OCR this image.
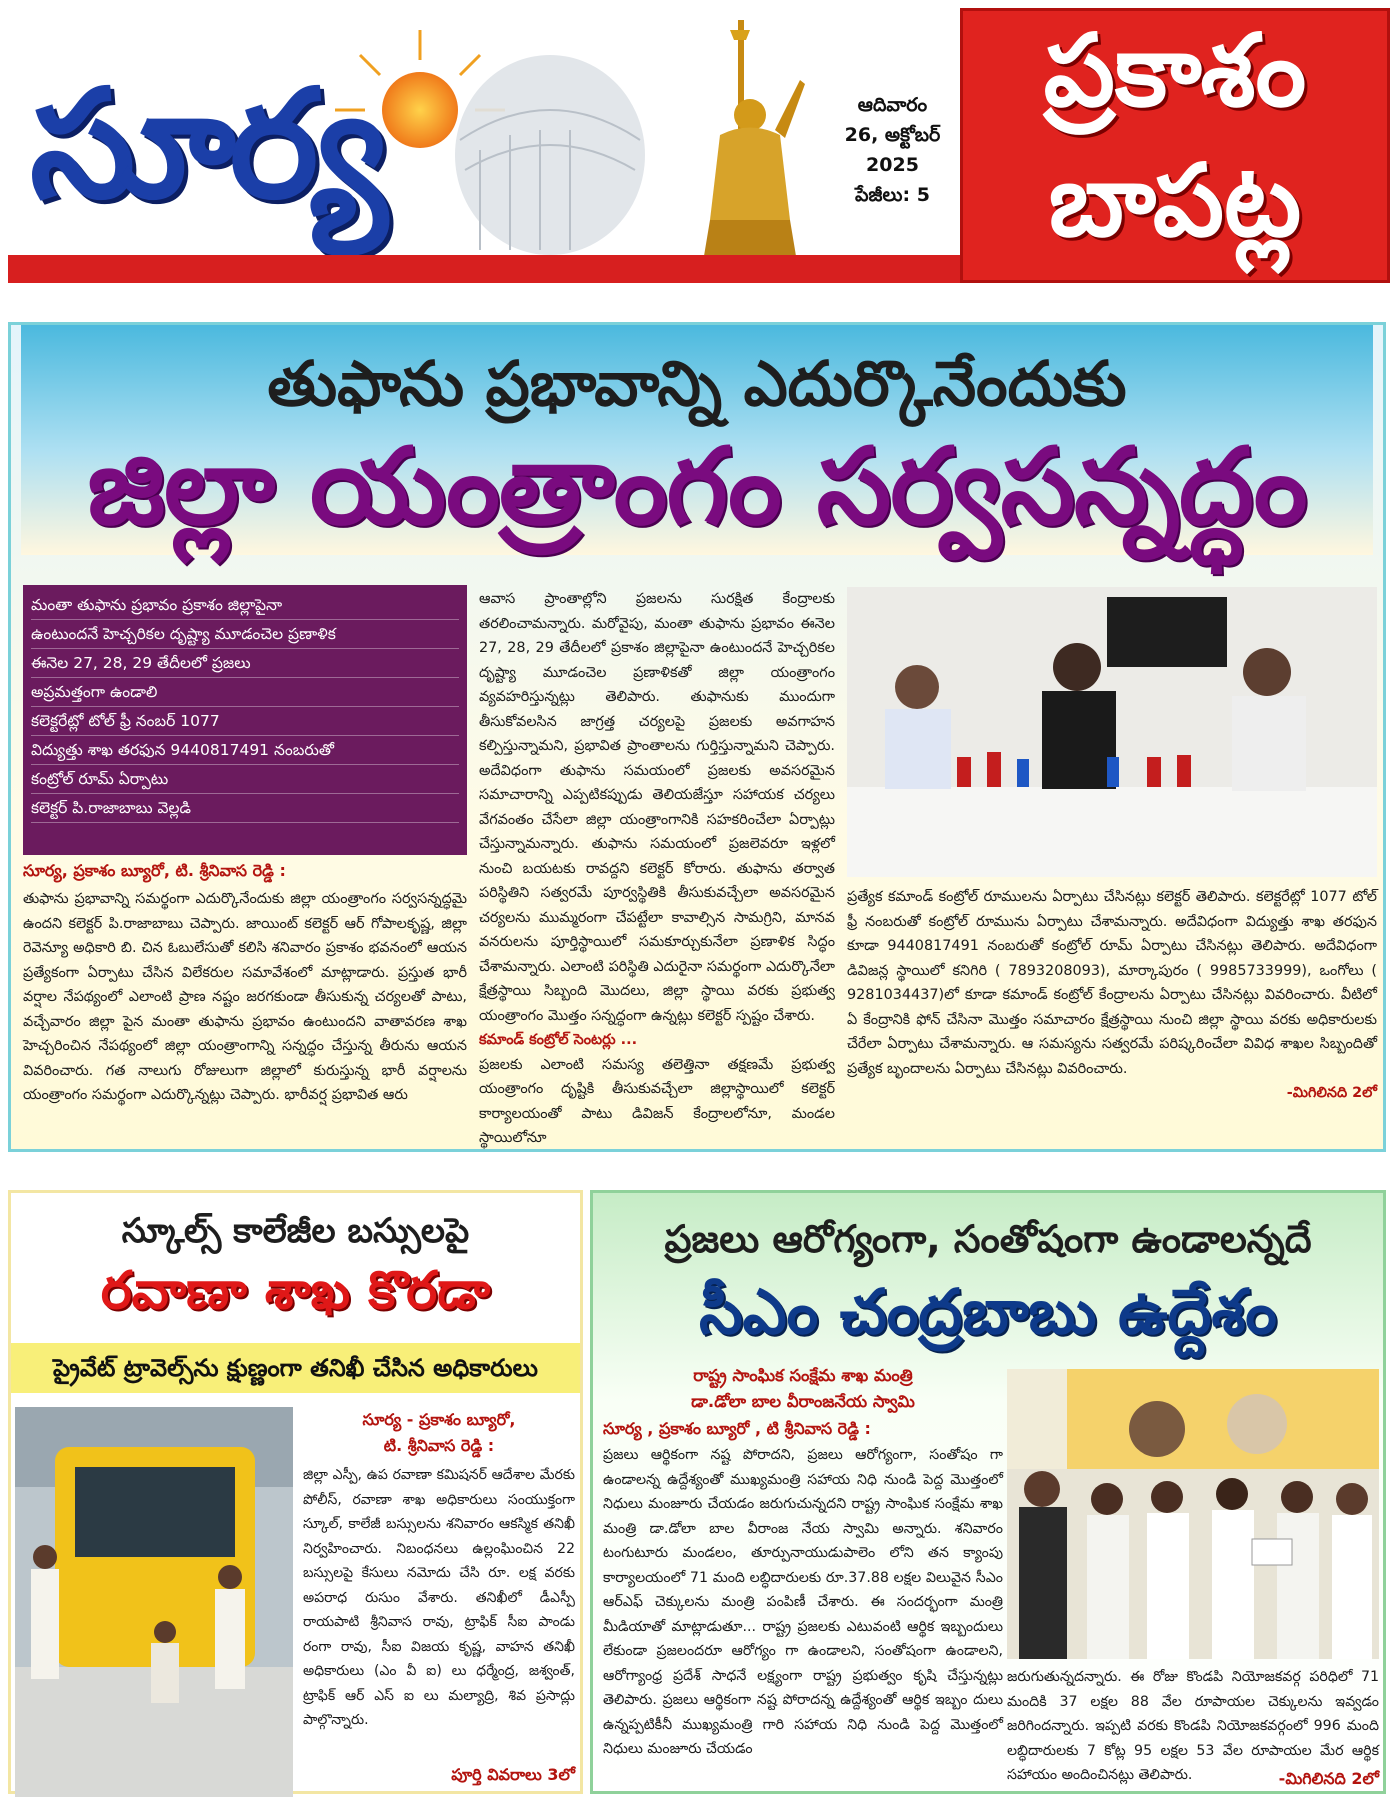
సూర్య	ఆదివారం
26, అక్టోబర్
2025
పేజీలు: 5
ప్రకాశం
బాపట్ల
తుఫాను ప్రభావాన్ని ఎదుర్కొనేందుకు
జిల్లా యంత్రాంగం సర్వసన్నద్ధం
మంతా తుఫాను ప్రభావం ప్రకాశం జిల్లాపైనా
ఉంటుందనే హెచ్చరికల దృష్ట్యా మూడంచెల ప్రణాళిక
ఈనెల 27, 28, 29 తేదీలలో ప్రజలు
అప్రమత్తంగా ఉండాలి
కలెక్టరేట్లో టోల్ ఫ్రీ నంబర్ 1077
విద్యుత్తు శాఖ తరఫున 9440817491 నంబరుతో
కంట్రోల్ రూమ్ ఏర్పాటు
కలెక్టర్ పి.రాజాబాబు వెల్లడి
సూర్య, ప్రకాశం బ్యూరో, టి. శ్రీనివాస రెడ్డి :
తుఫాను ప్రభావాన్ని సమర్థంగా ఎదుర్కొనేందుకు జిల్లా యంత్రాంగం సర్వసన్నద్ధమై ఉందని కలెక్టర్ పి.రాజాబాబు చెప్పారు. జాయింట్ కలెక్టర్ ఆర్ గోపాలకృష్ణ, జిల్లా రెవెన్యూ అధికారి బి. చిన ఓబులేసుతో కలిసి శనివారం ప్రకాశం భవనంలో ఆయన ప్రత్యేకంగా ఏర్పాటు చేసిన విలేకరుల సమావేశంలో మాట్లాడారు. ప్రస్తుత భారీ వర్షాల నేపథ్యంలో ఎలాంటి ప్రాణ నష్టం జరగకుండా తీసుకున్న చర్యలతో పాటు, వచ్చేవారం జిల్లా పైన మంతా తుఫాను ప్రభావం ఉంటుందని వాతావరణ శాఖ హెచ్చరించిన నేపథ్యంలో జిల్లా యంత్రాంగాన్ని సన్నద్ధం చేస్తున్న తీరును ఆయన వివరించారు. గత నాలుగు రోజులుగా జిల్లాలో కురుస్తున్న భారీ వర్షాలను యంత్రాంగం సమర్థంగా ఎదుర్కొన్నట్లు చెప్పారు. భారీవర్ష ప్రభావిత ఆరు
ఆవాస ప్రాంతాల్లోని ప్రజలను సురక్షిత కేంద్రాలకు తరలించామన్నారు. మరోవైపు, మంతా తుఫాను ప్రభావం ఈనెల 27, 28, 29 తేదీలలో ప్రకాశం జిల్లాపైనా ఉంటుందనే హెచ్చరికల దృష్ట్యా మూడంచెల ప్రణాళికతో జిల్లా యంత్రాంగం వ్యవహరిస్తున్నట్లు తెలిపారు. తుఫానుకు ముందుగా తీసుకోవలసిన జాగ్రత్త చర్యలపై ప్రజలకు అవగాహన కల్పిస్తున్నామని, ప్రభావిత ప్రాంతాలను గుర్తిస్తున్నామని చెప్పారు. అదేవిధంగా తుఫాను సమయంలో ప్రజలకు అవసరమైన సమాచారాన్ని ఎప్పటికప్పుడు తెలియజేస్తూ సహాయక చర్యలు వేగవంతం చేసేలా జిల్లా యంత్రాంగానికి సహకరించేలా ఏర్పాట్లు చేస్తున్నామన్నారు. తుఫాను సమయంలో ప్రజలెవరూ ఇళ్లలో నుంచి బయటకు రావద్దని కలెక్టర్ కోరారు. తుఫాను తర్వాత పరిస్థితిని సత్వరమే పూర్వస్థితికి తీసుకువచ్చేలా అవసరమైన చర్యలను ముమ్మరంగా చేపట్టేలా కావాల్సిన సామగ్రిని, మానవ వనరులను పూర్తిస్థాయిలో సమకూర్చుకునేలా ప్రణాళిక సిద్ధం చేశామన్నారు. ఎలాంటి పరిస్థితి ఎదురైనా సమర్థంగా ఎదుర్కొనేలా క్షేత్రస్థాయి సిబ్బంది మొదలు, జిల్లా స్థాయి వరకు ప్రభుత్వ యంత్రాంగం మొత్తం సన్నద్ధంగా ఉన్నట్లు కలెక్టర్ స్పష్టం చేశారు.
కమాండ్ కంట్రోల్ సెంటర్లు ...
ప్రజలకు ఎలాంటి సమస్య తలెత్తినా తక్షణమే ప్రభుత్వ యంత్రాంగం దృష్టికి తీసుకువచ్చేలా జిల్లాస్థాయిలో కలెక్టర్ కార్యాలయంతో పాటు డివిజన్ కేంద్రాలలోనూ, మండల స్థాయిలోనూ
ప్రత్యేక కమాండ్ కంట్రోల్ రూములను ఏర్పాటు చేసినట్లు కలెక్టర్ తెలిపారు. కలెక్టరేట్లో 1077 టోల్ ఫ్రీ నంబరుతో కంట్రోల్ రూమును ఏర్పాటు చేశామన్నారు. అదేవిధంగా విద్యుత్తు శాఖ తరఫున కూడా 9440817491 నంబరుతో కంట్రోల్ రూమ్ ఏర్పాటు చేసినట్లు తెలిపారు. అదేవిధంగా డివిజన్ల స్థాయిలో కనిగిరి ( 7893208093), మార్కాపురం ( 9985733999), ఒంగోలు ( 9281034437)లో కూడా కమాండ్ కంట్రోల్ కేంద్రాలను ఏర్పాటు చేసినట్లు వివరించారు. వీటిలో ఏ కేంద్రానికి ఫోన్ చేసినా మొత్తం సమాచారం క్షేత్రస్థాయి నుంచి జిల్లా స్థాయి వరకు అధికారులకు చేరేలా ఏర్పాటు చేశామన్నారు. ఆ సమస్యను సత్వరమే పరిష్కరించేలా వివిధ శాఖల సిబ్బందితో ప్రత్యేక బృందాలను ఏర్పాటు చేసినట్లు వివరించారు.
-మిగిలినది 2లో
స్కూల్స్ కాలేజీల బస్సులపై
రవాణా శాఖ కొరడా
ప్రైవేట్ ట్రావెల్స్‌ను క్షుణ్ణంగా తనిఖీ చేసిన అధికారులు
సూర్య - ప్రకాశం బ్యూరో,
టి. శ్రీనివాస రెడ్డి :
జిల్లా ఎస్పీ, ఉప రవాణా కమిషనర్ ఆదేశాల మేరకు పోలీస్, రవాణా శాఖ అధికారులు సంయుక్తంగా స్కూల్, కాలేజీ బస్సులను శనివారం ఆకస్మిక తనిఖీ నిర్వహించారు. నిబంధనలు ఉల్లంఘించిన 22 బస్సులపై కేసులు నమోదు చేసి రూ. లక్ష వరకు అపరాధ రుసుం వేశారు. తనిఖీలో డీఎస్పీ రాయపాటి శ్రీనివాస రావు, ట్రాఫిక్ సీఐ పాండు రంగా రావు, సీఐ విజయ కృష్ణ, వాహన తనిఖీ అధికారులు (ఎం వీ ఐ) లు ధర్మేంద్ర, జశ్వంత్, ట్రాఫిక్ ఆర్ ఎస్ ఐ లు మల్యాద్రి, శివ ప్రసాద్లు పాల్గొన్నారు.
పూర్తి వివరాలు 3లో
ప్రజలు ఆరోగ్యంగా, సంతోషంగా ఉండాలన్నదే
సీఎం చంద్రబాబు ఉద్దేశం
రాష్ట్ర సాంఘిక సంక్షేమ శాఖ మంత్రి
డా.డోలా బాల వీరాంజనేయ స్వామి
సూర్య , ప్రకాశం బ్యూరో , టి శ్రీనివాస రెడ్డి :
ప్రజలు ఆర్థికంగా నష్ట పోరాదని, ప్రజలు ఆరోగ్యంగా, సంతోషం గా ఉండాలన్న ఉద్దేశ్యంతో ముఖ్యమంత్రి సహాయ నిధి నుండి పెద్ద మొత్తంలో నిధులు మంజూరు చేయడం జరుగుచున్నదని రాష్ట్ర సాంఘిక సంక్షేమ శాఖ మంత్రి డా.డోలా బాల వీరాంజ నేయ స్వామి అన్నారు. శనివారం టంగుటూరు మండలం, తూర్పునాయుడుపాలెం లోని తన క్యాంపు కార్యాలయంలో 71 మంది లబ్ధిదారులకు రూ.37.88 లక్షల విలువైన సీఎం ఆర్ఎఫ్ చెక్కులను మంత్రి పంపిణీ చేశారు. ఈ సందర్భంగా మంత్రి మీడియాతో మాట్లాడుతూ... రాష్ట్ర ప్రజలకు ఎటువంటి ఆర్థిక ఇబ్బందులు లేకుండా ప్రజలందరూ ఆరోగ్యం గా ఉండాలని, సంతోషంగా ఉండాలని, ఆరోగ్యాంధ్ర ప్రదేశ్ సాధనే లక్ష్యంగా రాష్ట్ర ప్రభుత్వం కృషి చేస్తున్నట్లు తెలిపారు. ప్రజలు ఆర్థికంగా నష్ట పోరాదన్న ఉద్దేశ్యంతో ఆర్థిక ఇబ్బం దులు ఉన్నప్పటికీనీ ముఖ్యమంత్రి గారి సహాయ నిధి నుండి పెద్ద మొత్తంలో నిధులు మంజూరు చేయడం
జరుగుతున్నదన్నారు. ఈ రోజు కొండపి నియోజకవర్గ పరిధిలో 71 మందికి 37 లక్షల 88 వేల రూపాయల చెక్కులను ఇవ్వడం జరిగిందన్నారు. ఇప్పటి వరకు కొండపి నియోజకవర్గంలో 996 మంది లబ్ధిదారులకు 7 కోట్ల 95 లక్షల 53 వేల రూపాయల మేర ఆర్థిక సహాయం అందించినట్లు తెలిపారు.	-మిగిలినది 2లో
